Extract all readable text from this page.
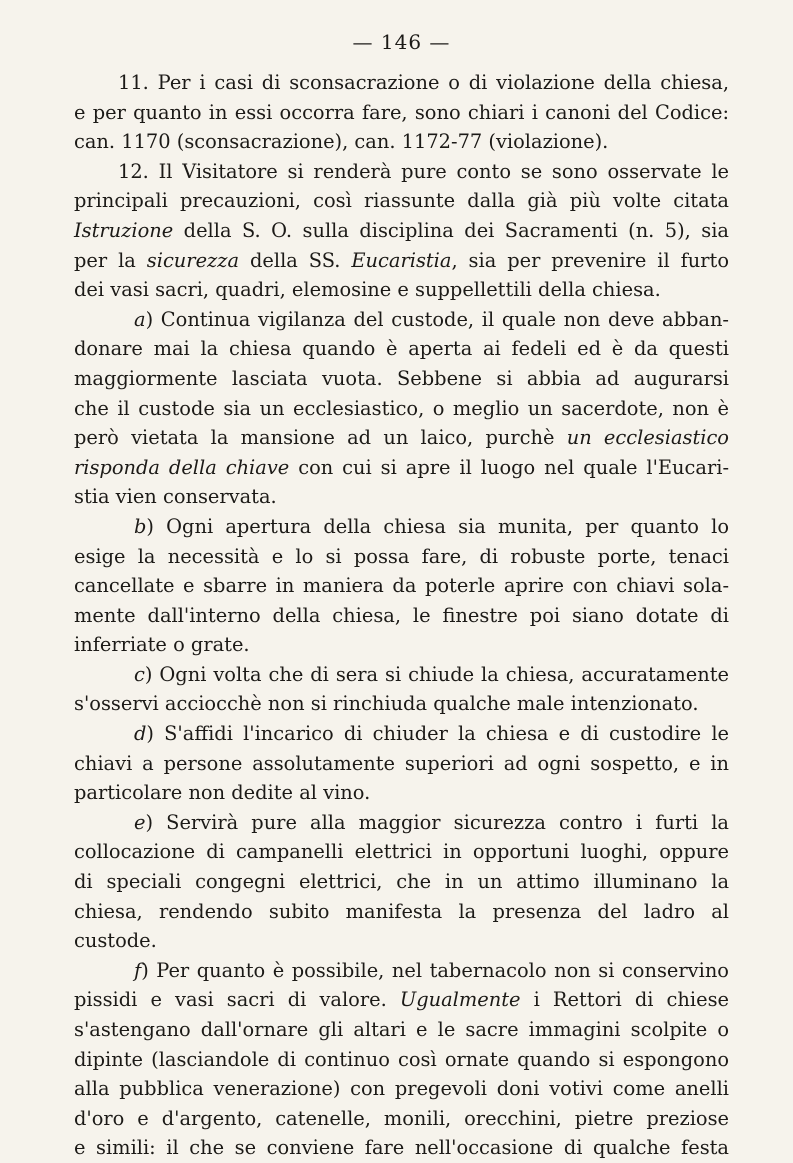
— 146 —
11. Per i casi di sconsacrazione o di violazione della chiesa,
e per quanto in essi occorra fare, sono chiari i canoni del Codice:
can. 1170 (sconsacrazione), can. 1172-77 (violazione).
12. Il Visitatore si renderà pure conto se sono osservate le
principali precauzioni, così riassunte dalla già più volte citata
Istruzione della S. O. sulla disciplina dei Sacramenti (n. 5), sia
per la sicurezza della SS. Eucaristia, sia per prevenire il furto
dei vasi sacri, quadri, elemosine e suppellettili della chiesa.
a) Continua vigilanza del custode, il quale non deve abban-
donare mai la chiesa quando è aperta ai fedeli ed è da questi
maggiormente lasciata vuota. Sebbene si abbia ad augurarsi
che il custode sia un ecclesiastico, o meglio un sacerdote, non è
però vietata la mansione ad un laico, purchè un ecclesiastico
risponda della chiave con cui si apre il luogo nel quale l'Eucari-
stia vien conservata.
b) Ogni apertura della chiesa sia munita, per quanto lo
esige la necessità e lo si possa fare, di robuste porte, tenaci
cancellate e sbarre in maniera da poterle aprire con chiavi sola-
mente dall'interno della chiesa, le finestre poi siano dotate di
inferriate o grate.
c) Ogni volta che di sera si chiude la chiesa, accuratamente
s'osservi acciocchè non si rinchiuda qualche male intenzionato.
d) S'affidi l'incarico di chiuder la chiesa e di custodire le
chiavi a persone assolutamente superiori ad ogni sospetto, e in
particolare non dedite al vino.
e) Servirà pure alla maggior sicurezza contro i furti la
collocazione di campanelli elettrici in opportuni luoghi, oppure
di speciali congegni elettrici, che in un attimo illuminano la
chiesa, rendendo subito manifesta la presenza del ladro al
custode.
f) Per quanto è possibile, nel tabernacolo non si conservino
pissidi e vasi sacri di valore. Ugualmente i Rettori di chiese
s'astengano dall'ornare gli altari e le sacre immagini scolpite o
dipinte (lasciandole di continuo così ornate quando si espongono
alla pubblica venerazione) con pregevoli doni votivi come anelli
d'oro e d'argento, catenelle, monili, orecchini, pietre preziose
e simili: il che se conviene fare nell'occasione di qualche festa
